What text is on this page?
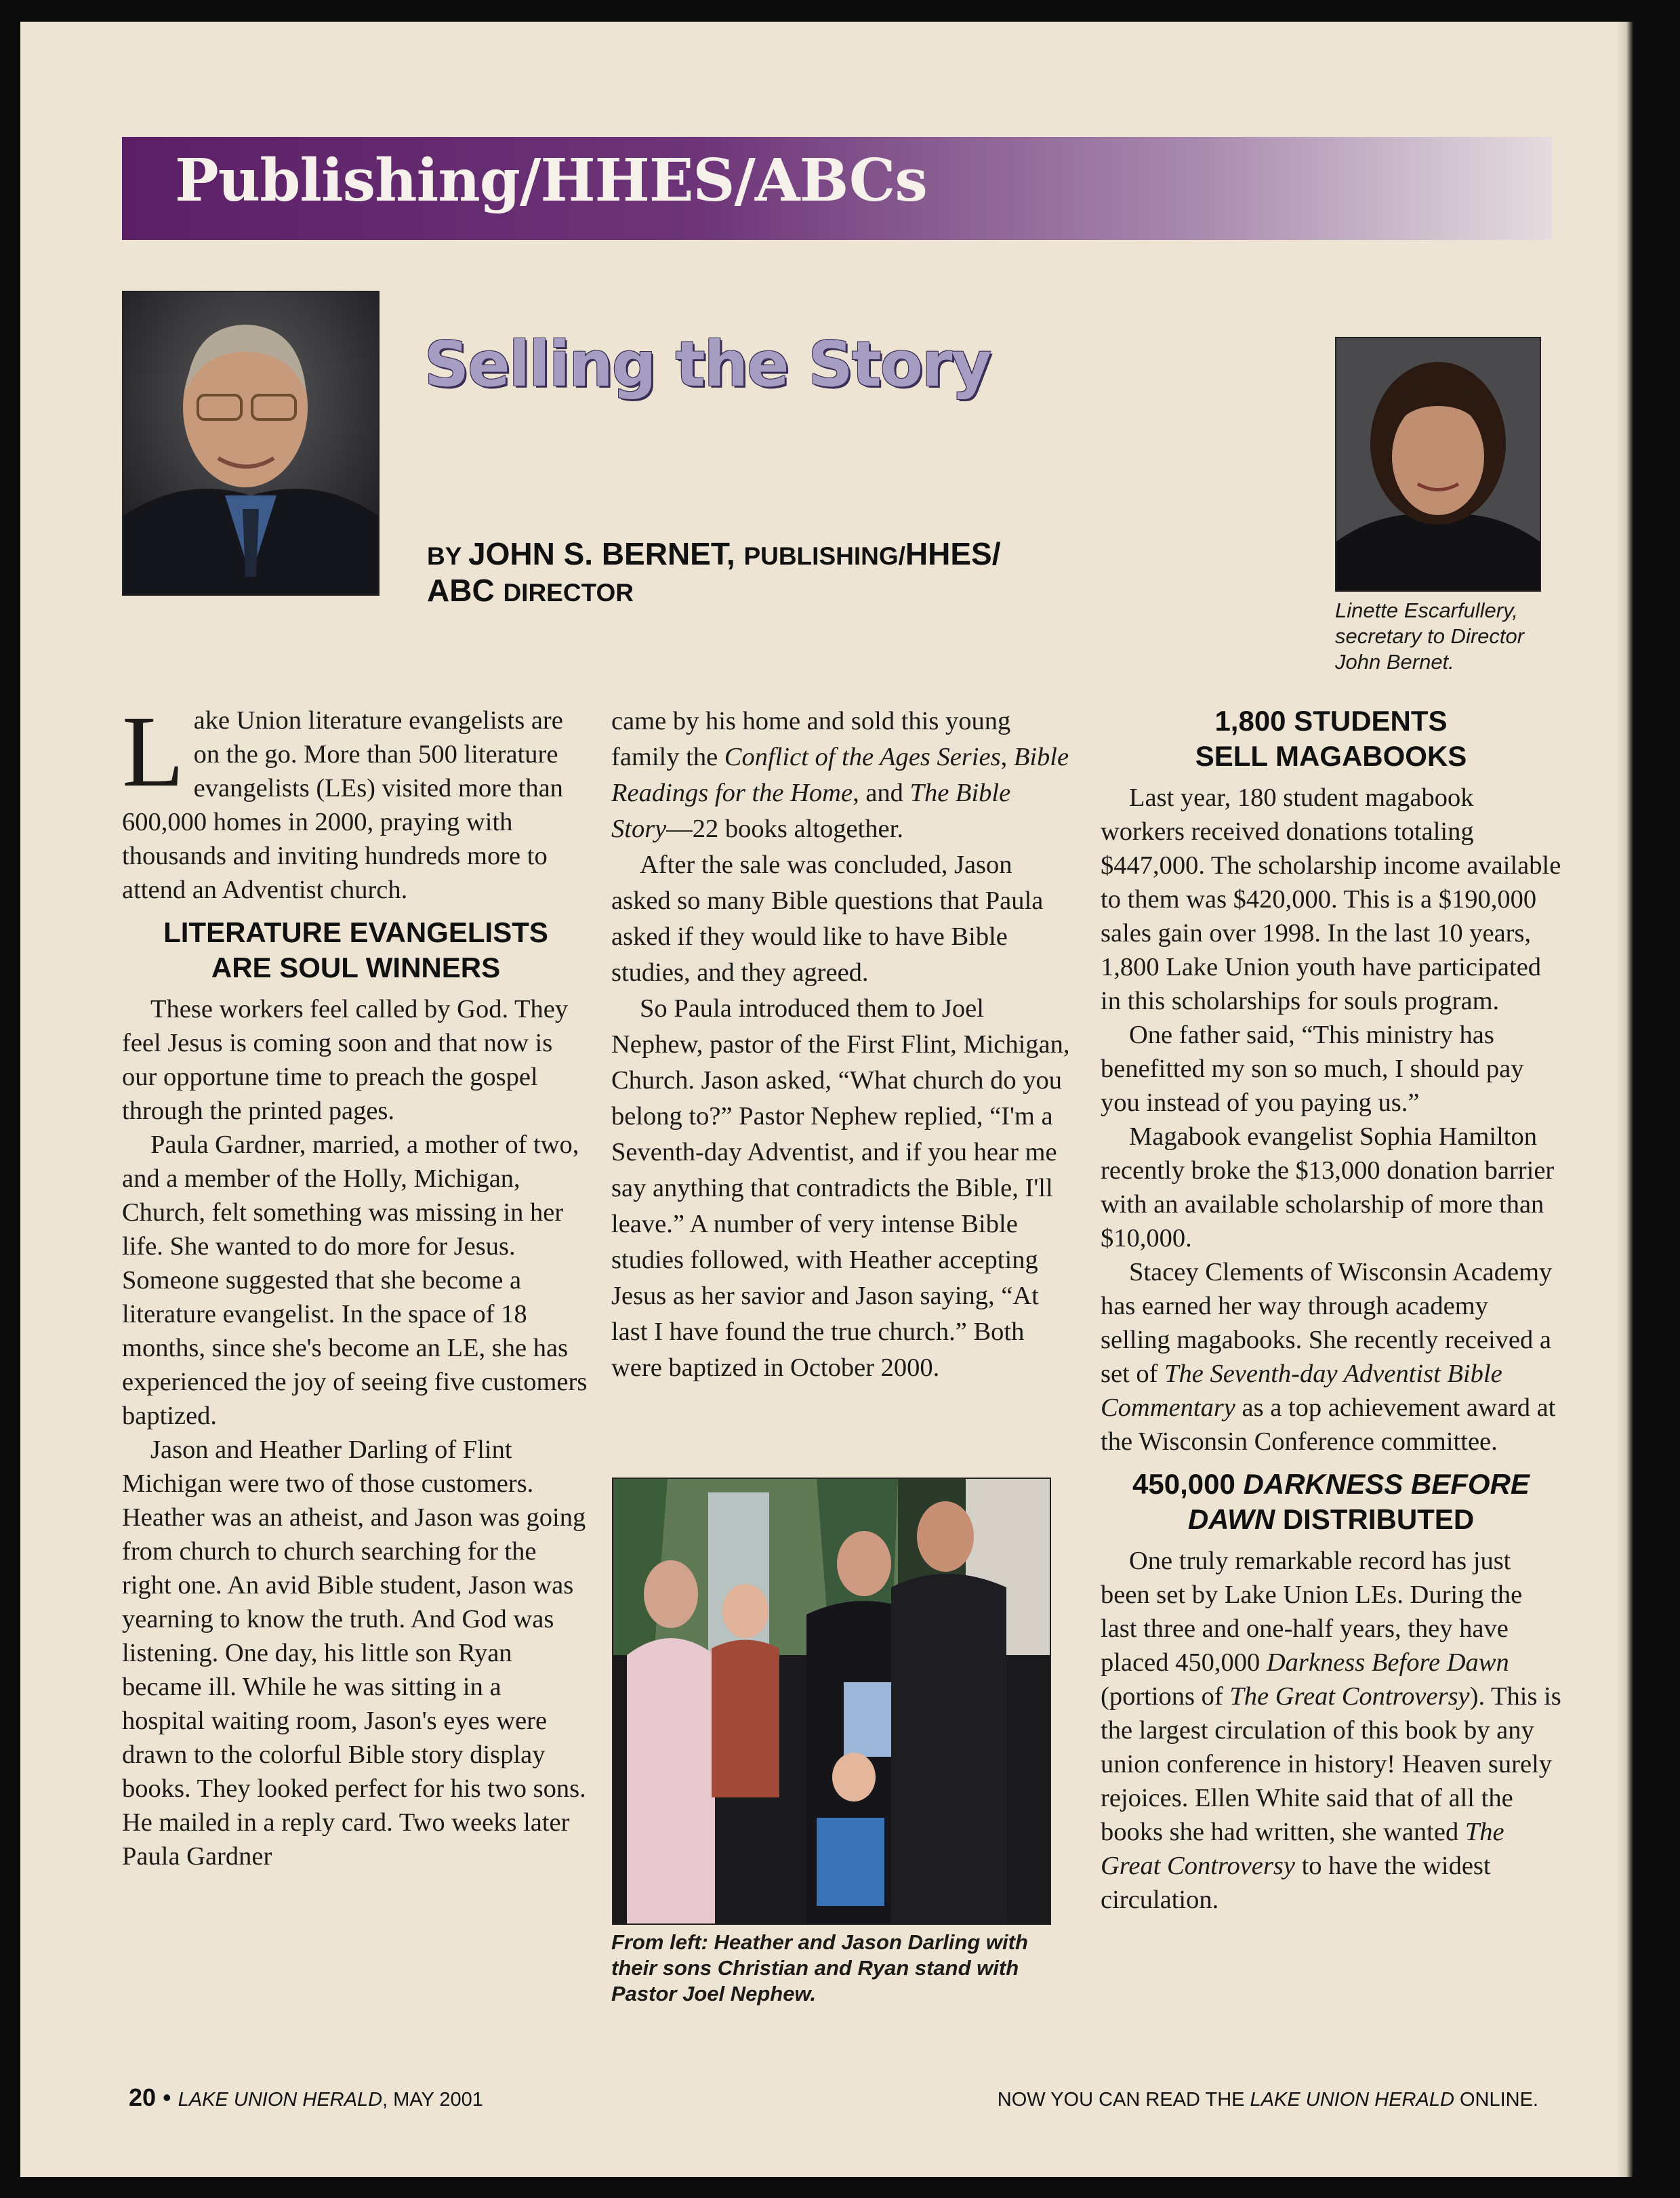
Publishing/HHES/ABCs
Selling the Story
BY JOHN S. BERNET, PUBLISHING/HHES/
ABC DIRECTOR
Linette Escarfullery, secretary to Director John Bernet.

Lake Union literature evangelists are on the go. More than 500 literature evangelists (LEs) visited more than 600,000 homes in 2000, praying with thousands and inviting hundreds more to attend an Adventist church.

LITERATURE EVANGELISTS
ARE SOUL WINNERS

These workers feel called by God. They feel Jesus is coming soon and that now is our opportune time to preach the gospel through the printed pages.

Paula Gardner, married, a mother of two, and a member of the Holly, Michigan, Church, felt something was missing in her life. She wanted to do more for Jesus. Someone suggested that she become a literature evangelist. In the space of 18 months, since she's become an LE, she has experienced the joy of seeing five customers baptized.

Jason and Heather Darling of Flint Michigan were two of those customers. Heather was an atheist, and Jason was going from church to church searching for the right one. An avid Bible student, Jason was yearning to know the truth. And God was listening. One day, his little son Ryan became ill. While he was sitting in a hospital waiting room, Jason's eyes were drawn to the colorful Bible story display books. They looked perfect for his two sons. He mailed in a reply card. Two weeks later Paula Gardner

came by his home and sold this young family the Conflict of the Ages Series, Bible Readings for the Home, and The Bible Story—22 books altogether.

After the sale was concluded, Jason asked so many Bible questions that Paula asked if they would like to have Bible studies, and they agreed.

So Paula introduced them to Joel Nephew, pastor of the First Flint, Michigan, Church. Jason asked, “What church do you belong to?” Pastor Nephew replied, “I'm a Seventh-day Adventist, and if you hear me say anything that contradicts the Bible, I'll leave.” A number of very intense Bible studies followed, with Heather accepting Jesus as her savior and Jason saying, “At last I have found the true church.” Both were baptized in October 2000.

From left: Heather and Jason Darling with their sons Christian and Ryan stand with Pastor Joel Nephew.
1,800 STUDENTS
SELL MAGABOOKS

Last year, 180 student magabook workers received donations totaling $447,000. The scholarship income available to them was $420,000. This is a $190,000 sales gain over 1998. In the last 10 years, 1,800 Lake Union youth have participated in this scholarships for souls program.

One father said, “This ministry has benefitted my son so much, I should pay you instead of you paying us.”

Magabook evangelist Sophia Hamilton recently broke the $13,000 donation barrier with an available scholarship of more than $10,000.

Stacey Clements of Wisconsin Academy has earned her way through academy selling magabooks. She recently received a set of The Seventh-day Adventist Bible Commentary as a top achievement award at the Wisconsin Conference committee.

450,000 DARKNESS BEFORE
DAWN DISTRIBUTED

One truly remarkable record has just been set by Lake Union LEs. During the last three and one-half years, they have placed 450,000 Darkness Before Dawn (portions of The Great Controversy). This is the largest circulation of this book by any union conference in history! Heaven surely rejoices. Ellen White said that of all the books she had written, she wanted The Great Controversy to have the widest circulation.

20 • LAKE UNION HERALD, MAY 2001	NOW YOU CAN READ THE LAKE UNION HERALD ONLINE.
